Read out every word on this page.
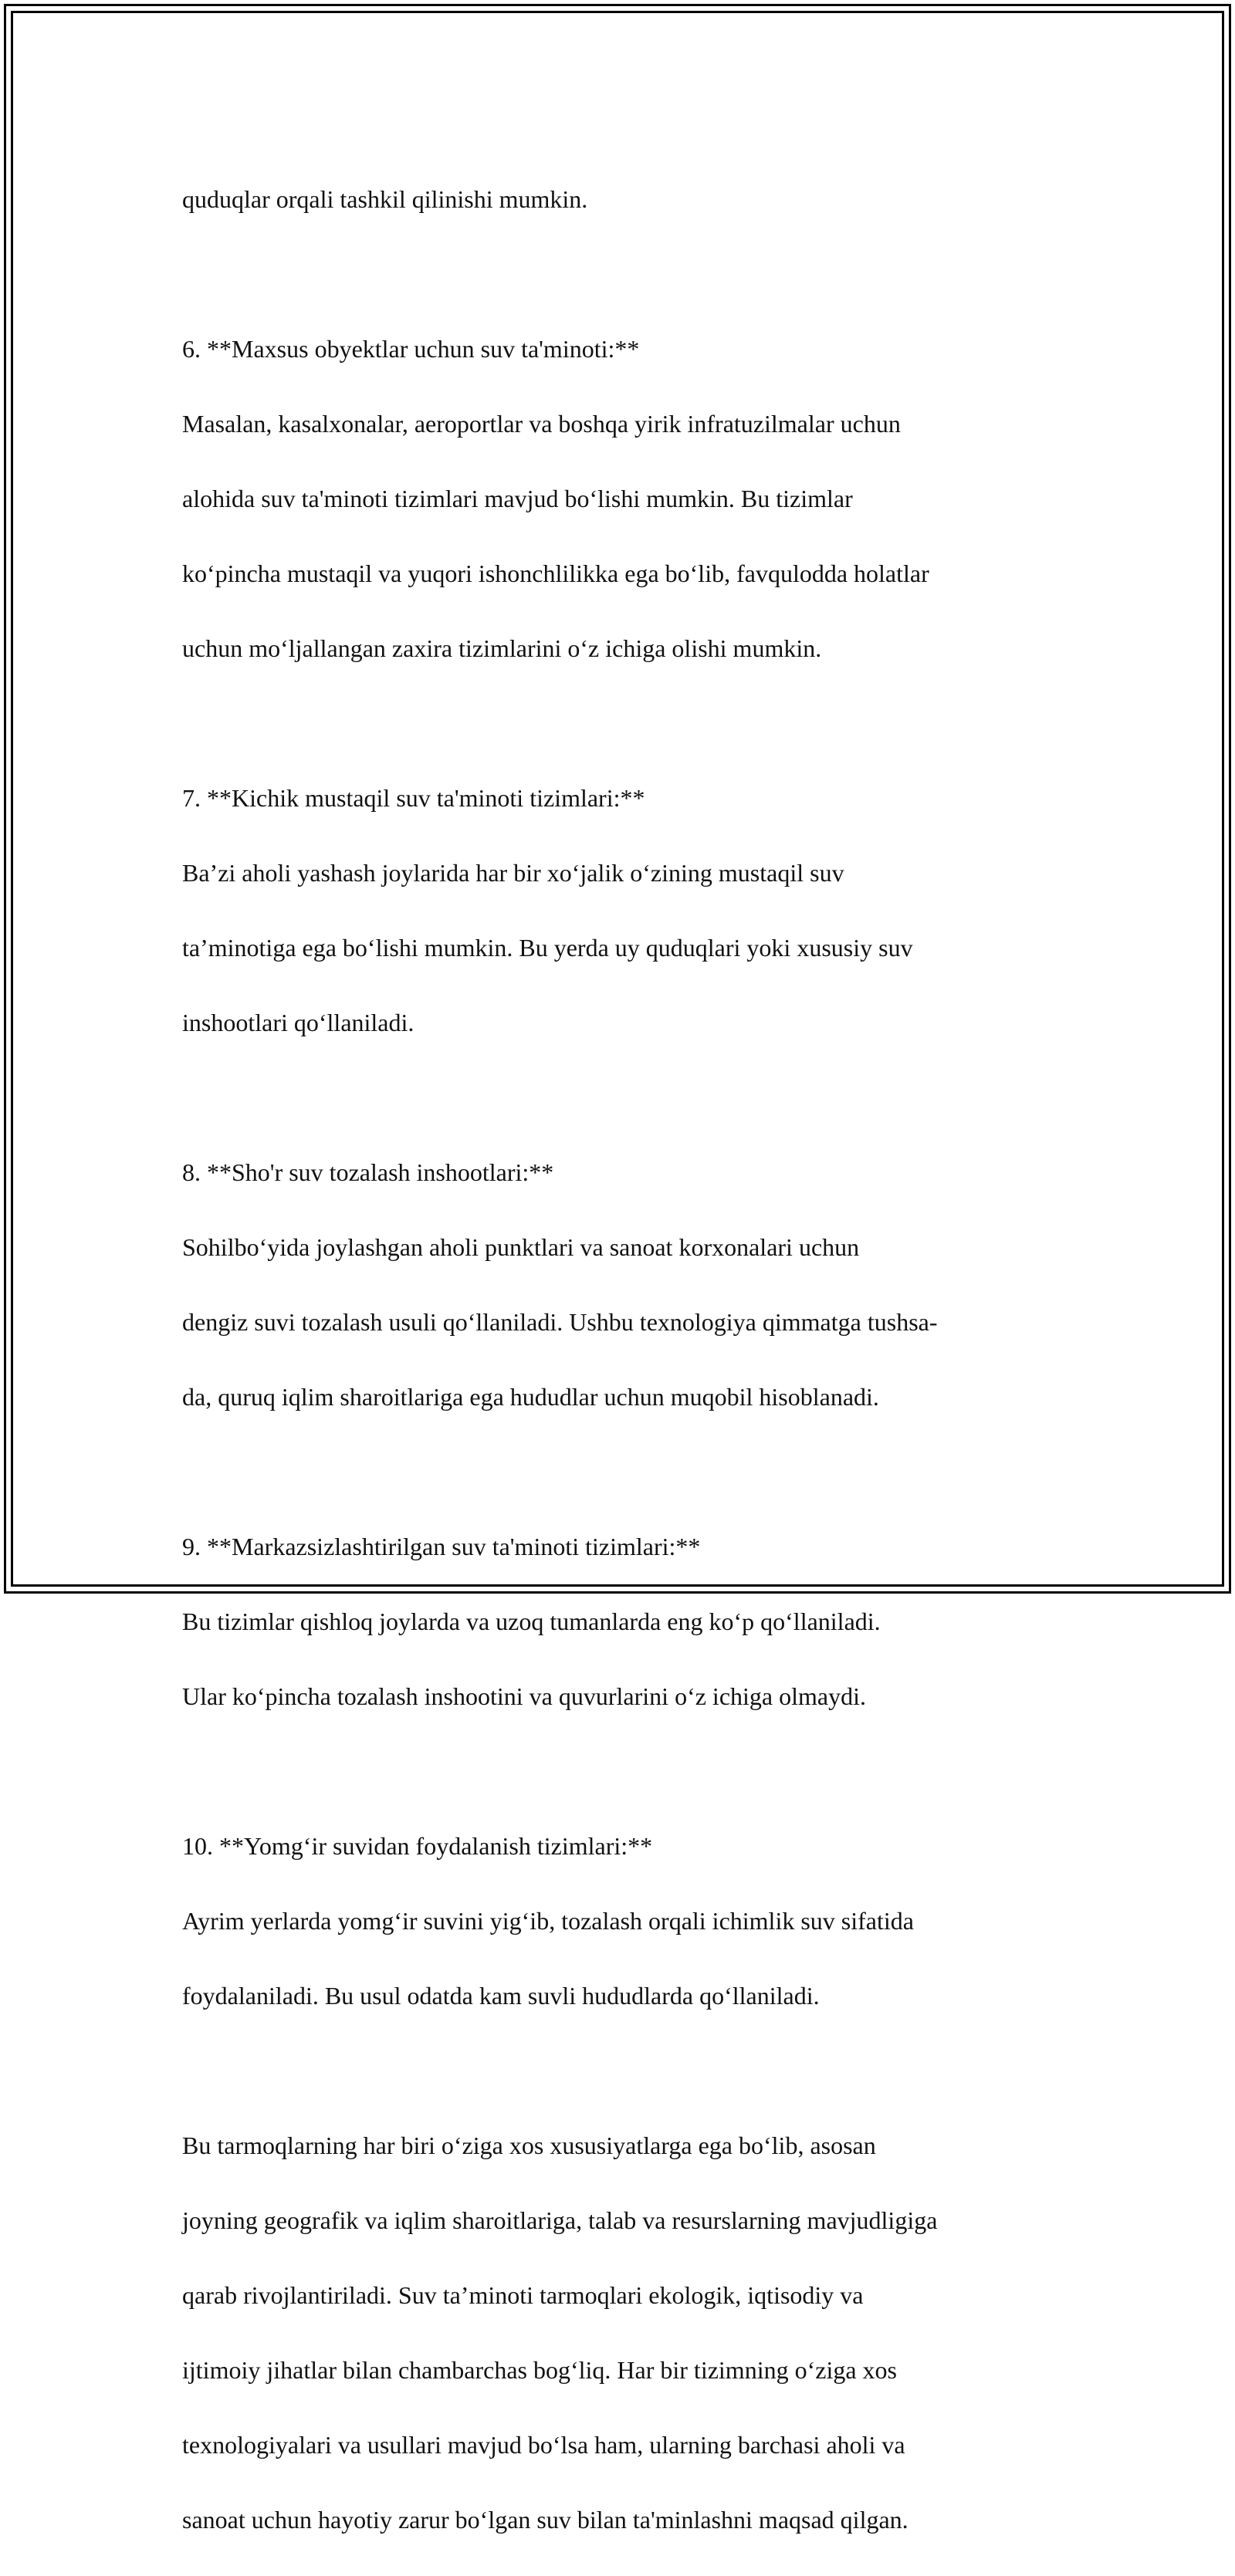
quduqlar orqali tashkil qilinishi mumkin.

6. **Maxsus obyektlar uchun suv ta'minoti:**

Masalan, kasalxonalar, aeroportlar va boshqa yirik infratuzilmalar uchun

alohida suv ta'minoti tizimlari mavjud bo‘lishi mumkin. Bu tizimlar

ko‘pincha mustaqil va yuqori ishonchlilikka ega bo‘lib, favqulodda holatlar

uchun mo‘ljallangan zaxira tizimlarini o‘z ichiga olishi mumkin.

7. **Kichik mustaqil suv ta'minoti tizimlari:**

Ba’zi aholi yashash joylarida har bir xo‘jalik o‘zining mustaqil suv

ta’minotiga ega bo‘lishi mumkin. Bu yerda uy quduqlari yoki xususiy suv

inshootlari qo‘llaniladi.

8. **Sho'r suv tozalash inshootlari:**

Sohilbo‘yida joylashgan aholi punktlari va sanoat korxonalari uchun

dengiz suvi tozalash usuli qo‘llaniladi. Ushbu texnologiya qimmatga tushsa-

da, quruq iqlim sharoitlariga ega hududlar uchun muqobil hisoblanadi.

9. **Markazsizlashtirilgan suv ta'minoti tizimlari:**

Bu tizimlar qishloq joylarda va uzoq tumanlarda eng ko‘p qo‘llaniladi.

Ular ko‘pincha tozalash inshootini va quvurlarini o‘z ichiga olmaydi.

10. **Yomg‘ir suvidan foydalanish tizimlari:**

Ayrim yerlarda yomg‘ir suvini yig‘ib, tozalash orqali ichimlik suv sifatida

foydalaniladi. Bu usul odatda kam suvli hududlarda qo‘llaniladi.

Bu tarmoqlarning har biri o‘ziga xos xususiyatlarga ega bo‘lib, asosan

joyning geografik va iqlim sharoitlariga, talab va resurslarning mavjudligiga

qarab rivojlantiriladi. Suv ta’minoti tarmoqlari ekologik, iqtisodiy va

ijtimoiy jihatlar bilan chambarchas bog‘liq. Har bir tizimning o‘ziga xos

texnologiyalari va usullari mavjud bo‘lsa ham, ularning barchasi aholi va

sanoat uchun hayotiy zarur bo‘lgan suv bilan ta'minlashni maqsad qilgan.
